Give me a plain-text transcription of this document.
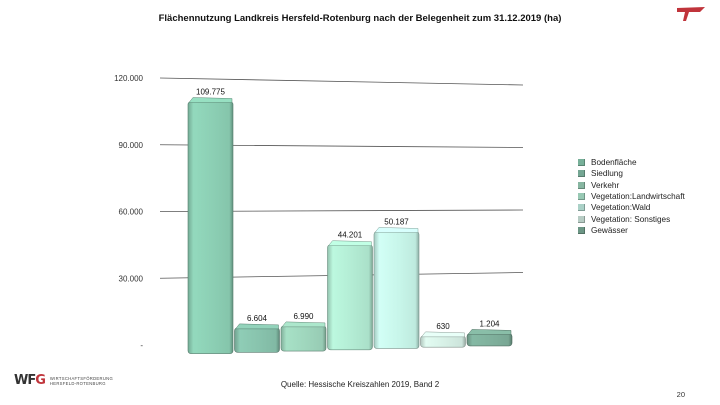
Flächennutzung Landkreis Hersfeld-Rotenburg nach der Belegenheit zum 31.12.2019 (ha)
-
30.000
60.000
90.000
120.000
109.775
6.604	6.990
44.201
50.187
630	1.204
Bodenfläche
Siedlung
Verkehr
Vegetation:Landwirtschaft
Vegetation:Wald
Vegetation: Sonstiges
Gewässer
WFG WIRTSCHAFTSFÖRDERUNG
HERSFELD-ROTENBURG	Quelle: Hessische Kreiszahlen 2019, Band 2
20
